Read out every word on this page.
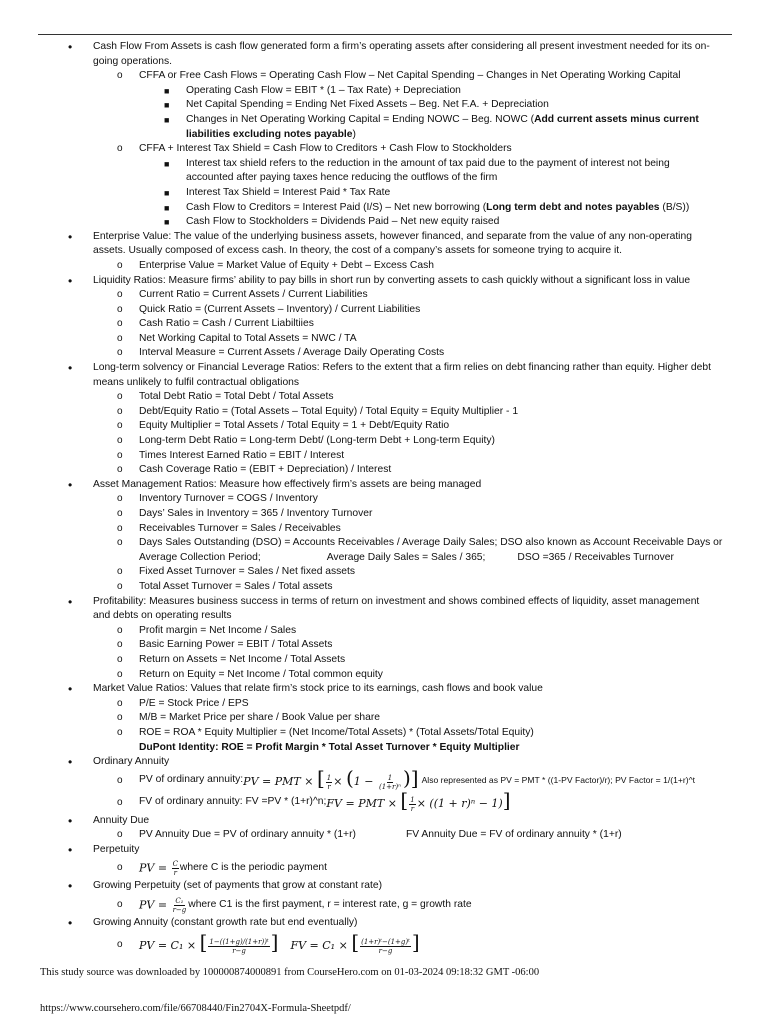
• Cash Flow From Assets is cash flow generated form a firm’s operating assets after considering all present investment needed for its on-going operations.
o CFFA or Free Cash Flows = Operating Cash Flow – Net Capital Spending – Changes in Net Operating Working Capital
■ Operating Cash Flow = EBIT * (1 – Tax Rate) + Depreciation
■ Net Capital Spending = Ending Net Fixed Assets – Beg. Net F.A. + Depreciation
■ Changes in Net Operating Working Capital = Ending NOWC – Beg. NOWC (Add current assets minus current liabilities excluding notes payable)
o CFFA + Interest Tax Shield = Cash Flow to Creditors + Cash Flow to Stockholders
■ Interest tax shield refers to the reduction in the amount of tax paid due to the payment of interest not being accounted after paying taxes hence reducing the outflows of the firm
■ Interest Tax Shield = Interest Paid * Tax Rate
■ Cash Flow to Creditors = Interest Paid (I/S) – Net new borrowing (Long term debt and notes payables (B/S))
■ Cash Flow to Stockholders = Dividends Paid – Net new equity raised
• Enterprise Value: The value of the underlying business assets, however financed, and separate from the value of any non-operating assets. Usually composed of excess cash. In theory, the cost of a company’s assets for someone trying to acquire it.
o Enterprise Value = Market Value of Equity + Debt – Excess Cash
• Liquidity Ratios: Measure firms’ ability to pay bills in short run by converting assets to cash quickly without a significant loss in value
o Current Ratio = Current Assets / Current Liabilities
o Quick Ratio = (Current Assets – Inventory) / Current Liabilities
o Cash Ratio = Cash / Current Liabiltiies
o Net Working Capital to Total Assets = NWC / TA
o Interval Measure = Current Assets / Average Daily Operating Costs
• Long-term solvency or Financial Leverage Ratios: Refers to the extent that a firm relies on debt financing rather than equity. Higher debt means unlikely to fulfil contractual obligations
o Total Debt Ratio = Total Debt / Total Assets
o Debt/Equity Ratio = (Total Assets – Total Equity) / Total Equity = Equity Multiplier - 1
o Equity Multiplier = Total Assets / Total Equity = 1 + Debt/Equity Ratio
o Long-term Debt Ratio = Long-term Debt/ (Long-term Debt + Long-term Equity)
o Times Interest Earned Ratio = EBIT / Interest
o Cash Coverage Ratio = (EBIT + Depreciation) / Interest
• Asset Management Ratios: Measure how effectively firm’s assets are being managed
o Inventory Turnover = COGS / Inventory
o Days’ Sales in Inventory = 365 / Inventory Turnover
o Receivables Turnover = Sales / Receivables
o Days Sales Outstanding (DSO) = Accounts Receivables / Average Daily Sales; DSO also known as Account Receivable Days or
Average Collection Period;	Average Daily Sales = Sales / 365;	DSO =365 / Receivables Turnover
o Fixed Asset Turnover = Sales / Net fixed assets
o Total Asset Turnover = Sales / Total assets
• Profitability: Measures business success in terms of return on investment and shows combined effects of liquidity, asset management and debts on operating results
o Profit margin = Net Income / Sales
o Basic Earning Power = EBIT / Total Assets
o Return on Assets = Net Income / Total Assets
o Return on Equity = Net Income / Total common equity
• Market Value Ratios: Values that relate firm’s stock price to its earnings, cash flows and book value
o P/E = Stock Price / EPS
o M/B = Market Price per share / Book Value per share
o ROE = ROA * Equity Multiplier = (Net Income/Total Assets) * (Total Assets/Total Equity)
DuPont Identity: ROE = Profit Margin * Total Asset Turnover * Equity Multiplier
• Ordinary Annuity
o PV of ordinary annuity: PV = PMT × [ $\frac{1}{r} \times (1 - \frac{1}{\text{(1+r)ⁿ}}$ )] Also represented as PV = PMT * ((1-PV Factor)/r); PV Factor = 1/(1+r)^t
o FV of ordinary annuity: FV =PV * (1+r)^n; FV = PMT × [ $\frac{1}{r} \times ((1 + r)^n - 1)$]
• Annuity Due
o PV Annuity Due = PV of ordinary annuity * (1+r)	FV Annuity Due = FV of ordinary annuity * (1+r)
• Perpetuity
o PV = $\frac{C}{r}$ where C is the periodic payment
• Growing Perpetuity (set of payments that grow at constant rate)
o PV = $\frac{\text{C₁}}{r-g}$ where C1 is the first payment, r = interest rate, g = growth rate
• Growing Annuity (constant growth rate but end eventually)
o PV = C₁ × [ $\frac{\text{1−((1+g)/(1+r))ᵗ}}{r-g}$ ] FV = C₁ × [ $\frac{\text{(1+r)ᵗ−(1+g)ᵗ}}{r-g}$ ]
This study source was downloaded by 100000874000891 from CourseHero.com on 01-03-2024 09:18:32 GMT -06:00
https://www.coursehero.com/file/66708440/Fin2704X-Formula-Sheetpdf/
